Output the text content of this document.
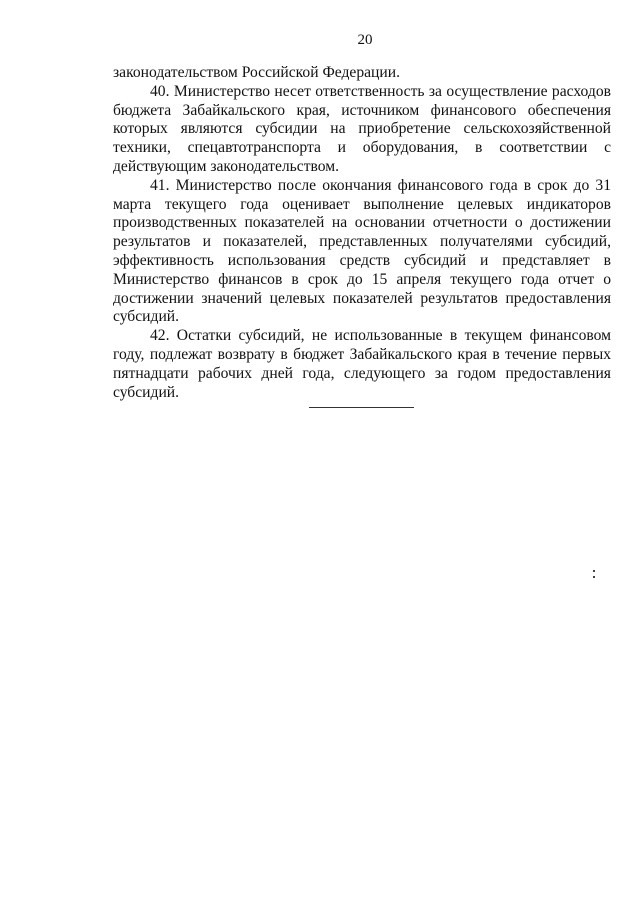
20

законодательством Российской Федерации.

40. Министерство несет ответственность за осуществление расходов бюджета Забайкальского края, источником финансового обеспечения которых являются субсидии на приобретение сельскохозяйственной техники, спецавтотранспорта и оборудования, в соответствии с действующим законодательством.

41. Министерство после окончания финансового года в срок до 31 марта текущего года оценивает выполнение целевых индикаторов производственных показателей на основании отчетности о достижении результатов и показателей, представленных получателями субсидий, эффективность использования средств субсидий и представляет в Министерство финансов в срок до 15 апреля текущего года отчет о достижении значений целевых показателей результатов предоставления субсидий.

42. Остатки субсидий, не использованные в текущем финансовом году, подлежат возврату в бюджет Забайкальского края в течение первых пятнадцати рабочих дней года, следующего за годом предоставления субсидий.
